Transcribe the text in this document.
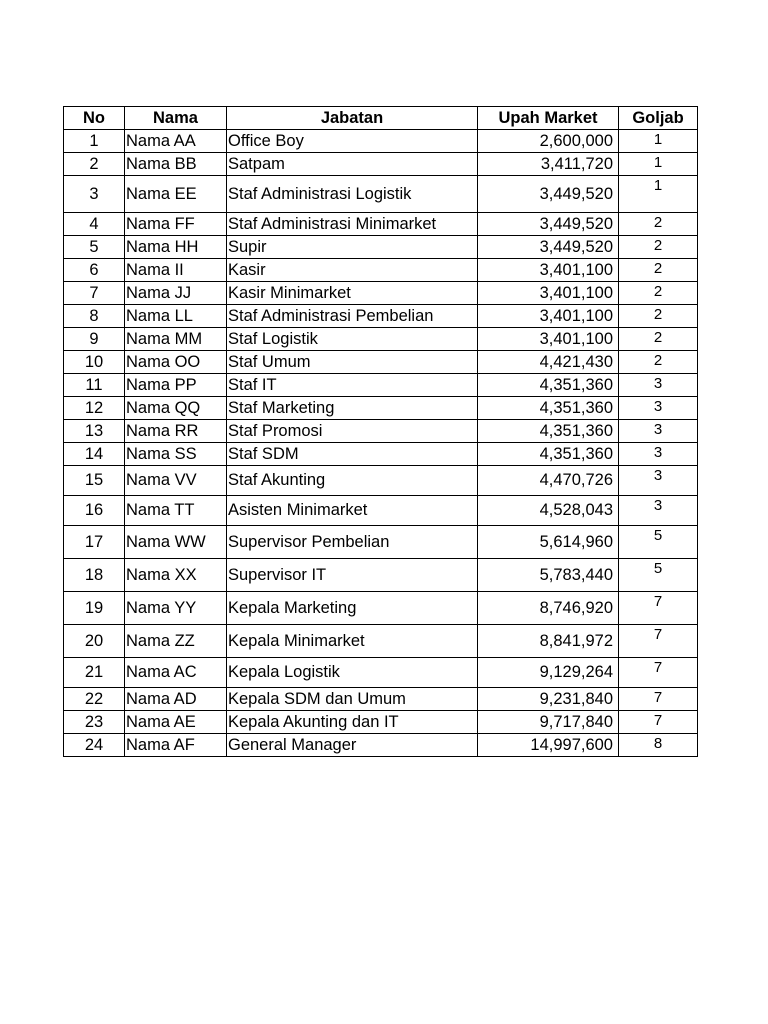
No	Nama	Jabatan	Upah Market	Goljab
1	Nama AA	Office Boy	2,600,000	1
2	Nama BB	Satpam	3,411,720	1
3	Nama EE	Staf Administrasi Logistik	3,449,520	1
4	Nama FF	Staf Administrasi Minimarket	3,449,520	2
5	Nama HH	Supir	3,449,520	2
6	Nama II	Kasir	3,401,100	2
7	Nama JJ	Kasir Minimarket	3,401,100	2
8	Nama LL	Staf Administrasi Pembelian	3,401,100	2
9	Nama MM	Staf Logistik	3,401,100	2
10	Nama OO	Staf Umum	4,421,430	2
11	Nama PP	Staf IT	4,351,360	3
12	Nama QQ	Staf Marketing	4,351,360	3
13	Nama RR	Staf Promosi	4,351,360	3
14	Nama SS	Staf SDM	4,351,360	3
15	Nama VV	Staf Akunting	4,470,726	3
16	Nama TT	Asisten Minimarket	4,528,043	3
17	Nama WW	Supervisor Pembelian	5,614,960	5
18	Nama XX	Supervisor IT	5,783,440	5
19	Nama YY	Kepala Marketing	8,746,920	7
20	Nama ZZ	Kepala Minimarket	8,841,972	7
21	Nama AC	Kepala Logistik	9,129,264	7
22	Nama AD	Kepala SDM dan Umum	9,231,840	7
23	Nama AE	Kepala Akunting dan IT	9,717,840	7
24	Nama AF	General Manager	14,997,600	8
